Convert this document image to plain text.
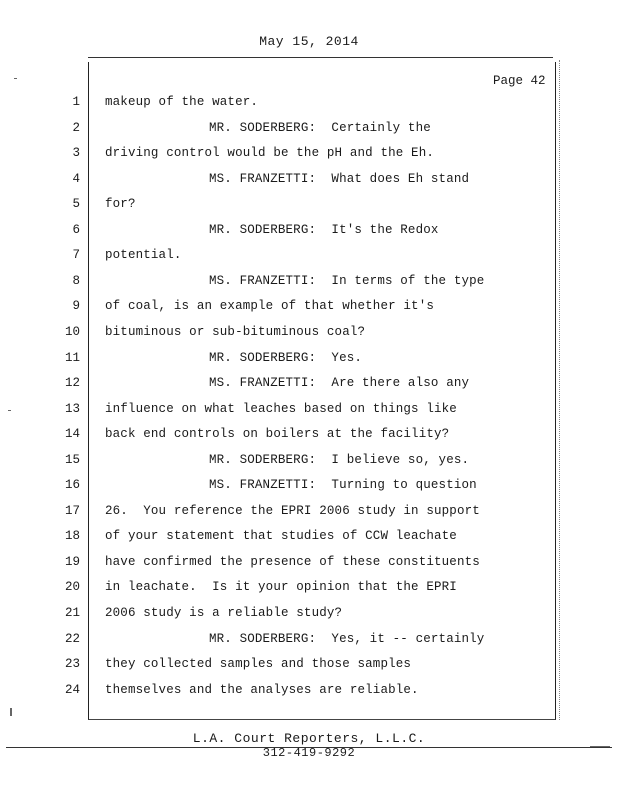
May 15, 2014
Page 42
1 makeup of the water.
2	MR. SODERBERG:  Certainly the
3 driving control would be the pH and the Eh.
4	MS. FRANZETTI:  What does Eh stand
5 for?
6	MR. SODERBERG:  It's the Redox
7 potential.
8	MS. FRANZETTI:  In terms of the type
9 of coal, is an example of that whether it's
10 bituminous or sub-bituminous coal?
11	MR. SODERBERG:  Yes.
12	MS. FRANZETTI:  Are there also any
13 influence on what leaches based on things like
14 back end controls on boilers at the facility?
15	MR. SODERBERG:  I believe so, yes.
16	MS. FRANZETTI:  Turning to question
17 26.  You reference the EPRI 2006 study in support
18 of your statement that studies of CCW leachate
19 have confirmed the presence of these constituents
20 in leachate.  Is it your opinion that the EPRI
21 2006 study is a reliable study?
22	MR. SODERBERG:  Yes, it -- certainly
23 they collected samples and those samples
24 themselves and the analyses are reliable.
L.A. Court Reporters, L.L.C.
312-419-9292
